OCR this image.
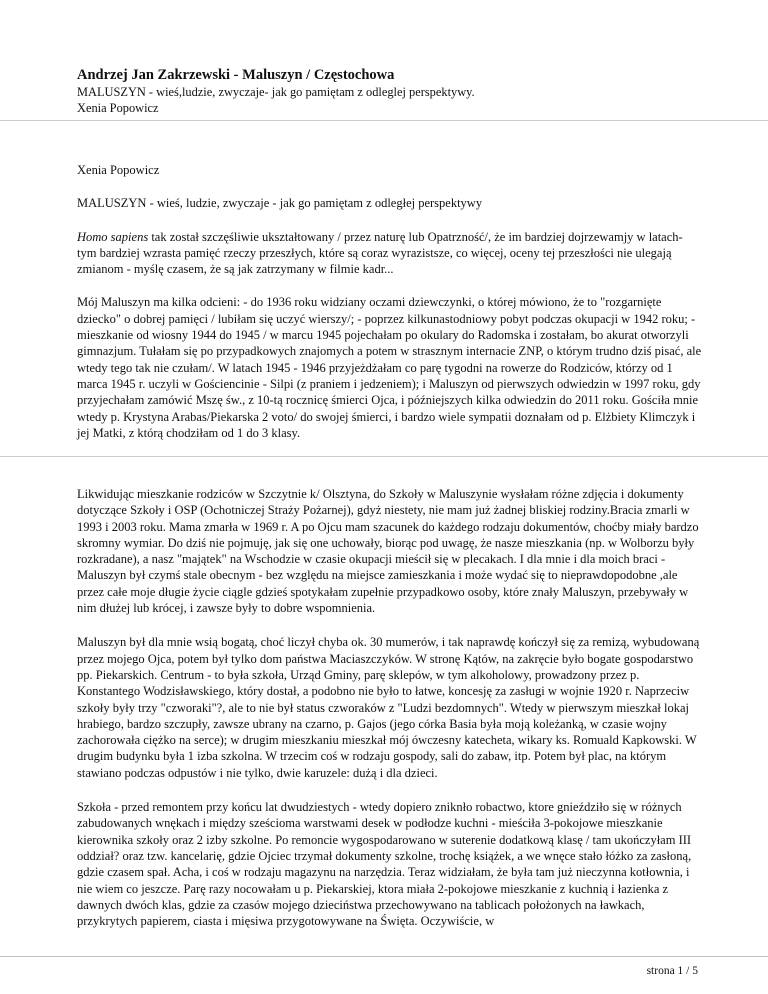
Andrzej Jan Zakrzewski - Maluszyn / Częstochowa

MALUSZYN - wieś,ludzie, zwyczaje- jak go pamiętam z odleglej perspektywy.

Xenia Popowicz

Xenia Popowicz

MALUSZYN - wieś, ludzie, zwyczaje - jak go pamiętam z odległej perspektywy

Homo sapiens tak został szczęśliwie ukształtowany / przez naturę lub Opatrzność/, że im bardziej dojrzewamjy w latach- tym bardziej wzrasta pamięć rzeczy przeszłych, które są coraz wyrazistsze, co więcej, oceny tej przeszłości nie ulegają zmianom - myślę czasem, że są jak zatrzymany w filmie kadr...

Mój Maluszyn ma kilka odcieni: - do 1936 roku widziany oczami dziewczynki, o której mówiono, że to "rozgarnięte dziecko" o dobrej pamięci / lubiłam się uczyć wierszy/; - poprzez kilkunastodniowy pobyt podczas okupacji w 1942 roku; - mieszkanie od wiosny 1944 do 1945 / w marcu 1945 pojechałam po okulary do Radomska i zostałam, bo akurat otworzyli gimnazjum. Tułałam się po przypadkowych znajomych a potem w strasznym internacie ZNP, o którym trudno dziś pisać, ale wtedy tego tak nie czułam/. W latach 1945 - 1946 przyjeżdżałam co parę tygodni na rowerze do Rodziców, którzy od 1 marca 1945 r. uczyli w Gościencinie - Silpi (z praniem i jedzeniem); i Maluszyn od pierwszych odwiedzin w 1997 roku, gdy przyjechałam zamówić Mszę św., z 10-tą rocznicę śmierci Ojca, i późniejszych kilka odwiedzin do 2011 roku. Gościła mnie wtedy p. Krystyna Arabas/Piekarska 2 voto/ do swojej śmierci, i bardzo wiele sympatii doznałam od p. Elżbiety Klimczyk i jej Matki, z którą chodziłam od 1 do 3 klasy.

Likwidując mieszkanie rodziców w Szczytnie k/ Olsztyna, do Szkoły w Maluszynie wysłałam różne zdjęcia i dokumenty dotyczące Szkoły i OSP (Ochotniczej Straży Pożarnej), gdyż niestety, nie mam już żadnej bliskiej rodziny.Bracia zmarli w 1993 i 2003 roku. Mama zmarła w 1969 r. A po Ojcu mam szacunek do każdego rodzaju dokumentów, choćby miały bardzo skromny wymiar. Do dziś nie pojmuję, jak się one uchowały, biorąc pod uwagę, że nasze mieszkania (np. w Wolborzu były rozkradane), a nasz "majątek" na Wschodzie w czasie okupacji mieścił się w plecakach. I dla mnie i dla moich braci - Maluszyn był czymś stale obecnym - bez względu na miejsce zamieszkania i może wydać się to nieprawdopodobne ,ale przez całe moje długie życie ciągle gdzieś spotykałam zupełnie przypadkowo osoby, które znały Maluszyn, przebywały w nim dłużej lub krócej, i zawsze były to dobre wspomnienia.

Maluszyn był dla mnie wsią bogatą, choć liczył chyba ok. 30 mumerów, i tak naprawdę kończył się za remizą, wybudowaną przez mojego Ojca, potem był tylko dom państwa Maciaszczyków. W stronę Kątów, na zakręcie było bogate gospodarstwo pp. Piekarskich. Centrum - to była szkoła, Urząd Gminy, parę sklepów, w tym alkoholowy, prowadzony przez p. Konstantego Wodzisławskiego, który dostał, a podobno nie było to łatwe, koncesję za zasługi w wojnie 1920 r. Naprzeciw szkoły były trzy "czworaki"?, ale to nie był status czworaków z "Ludzi bezdomnych". Wtedy w pierwszym mieszkał lokaj hrabiego, bardzo szczupły, zawsze ubrany na czarno, p. Gajos (jego córka Basia była moją koleżanką, w czasie wojny zachorowała ciężko na serce); w drugim mieszkaniu mieszkał mój ówczesny katecheta, wikary ks. Romuald Kapkowski. W drugim budynku była 1 izba szkolna. W trzecim coś w rodzaju gospody, sali do zabaw, itp. Potem był plac, na którym stawiano podczas odpustów i nie tylko, dwie karuzele: dużą i dla dzieci.

Szkoła - przed remontem przy końcu lat dwudziestych - wtedy dopiero zniknło robactwo, ktore gnieździło się w różnych zabudowanych wnękach i między sześcioma warstwami desek w podłodze kuchni - mieściła 3-pokojowe mieszkanie kierownika szkoły oraz 2 izby szkolne. Po remoncie wygospodarowano w suterenie dodatkową klasę / tam ukończyłam III oddział? oraz tzw. kancelarię, gdzie Ojciec trzymał dokumenty szkolne, trochę książek, a we wnęce stało łóżko za zasłoną, gdzie czasem spał. Acha, i coś w rodzaju magazynu na narzędzia. Teraz widziałam, że była tam już nieczynna kotłownia, i nie wiem co jeszcze. Parę razy nocowałam u p. Piekarskiej, ktora miała 2-pokojowe mieszkanie z kuchnią i łazienka z dawnych dwóch klas, gdzie za czasów mojego dzieciństwa przechowywano na tablicach położonych na ławkach, przykrytych papierem, ciasta i mięsiwa przygotowywane na Święta. Oczywiście, w

strona 1 / 5
